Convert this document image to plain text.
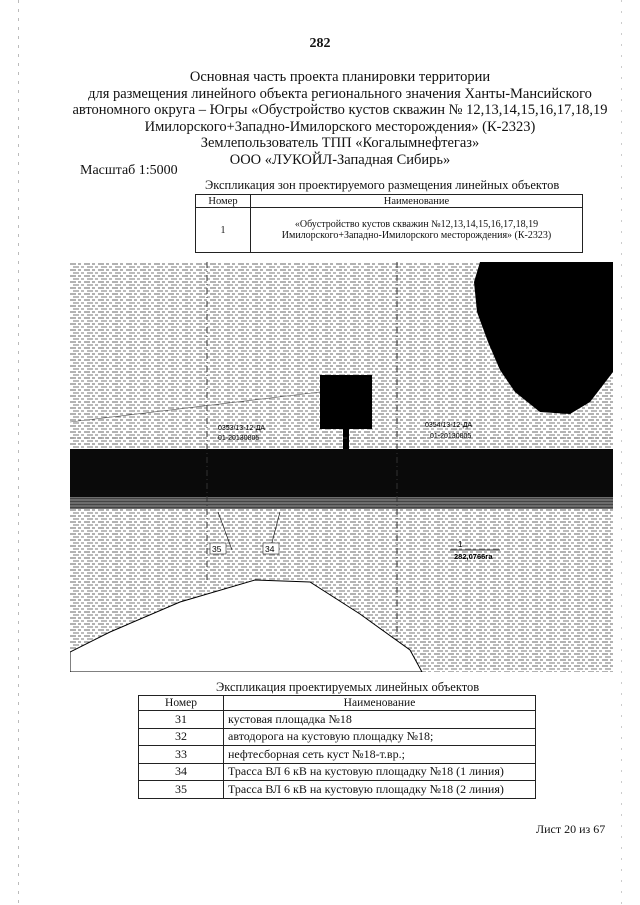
282
Основная часть проекта планировки территории
для размещения линейного объекта регионального значения Ханты-Мансийского
автономного округа – Югры «Обустройство кустов скважин № 12,13,14,15,16,17,18,19
Имилорского+Западно-Имилорского месторождения» (К-2323)
Землепользователь ТПП «Когалымнефтегаз»
ООО «ЛУКОЙЛ-Западная Сибирь»
Масштаб 1:5000
Экспликация зон проектируемого размещения линейных объектов
Номер	Наименование
1	«Обустройство кустов скважин №12,13,14,15,16,17,18,19
Имилорского+Западно-Имилорского месторождения» (К-2323)
0353/13-12-ДА
01-20130805
0354/13-12-ДА
01-20130805
1
282,0766га
35	34
Экспликация проектируемых линейных объектов
Номер	Наименование
31	кустовая площадка №18
32	автодорога на кустовую площадку №18;
33	нефтесборная сеть куст №18-т.вр.;
34	Трасса ВЛ 6 кВ на кустовую площадку №18 (1 линия)
35	Трасса ВЛ 6 кВ на кустовую площадку №18 (2 линия)
Лист 20 из 67
